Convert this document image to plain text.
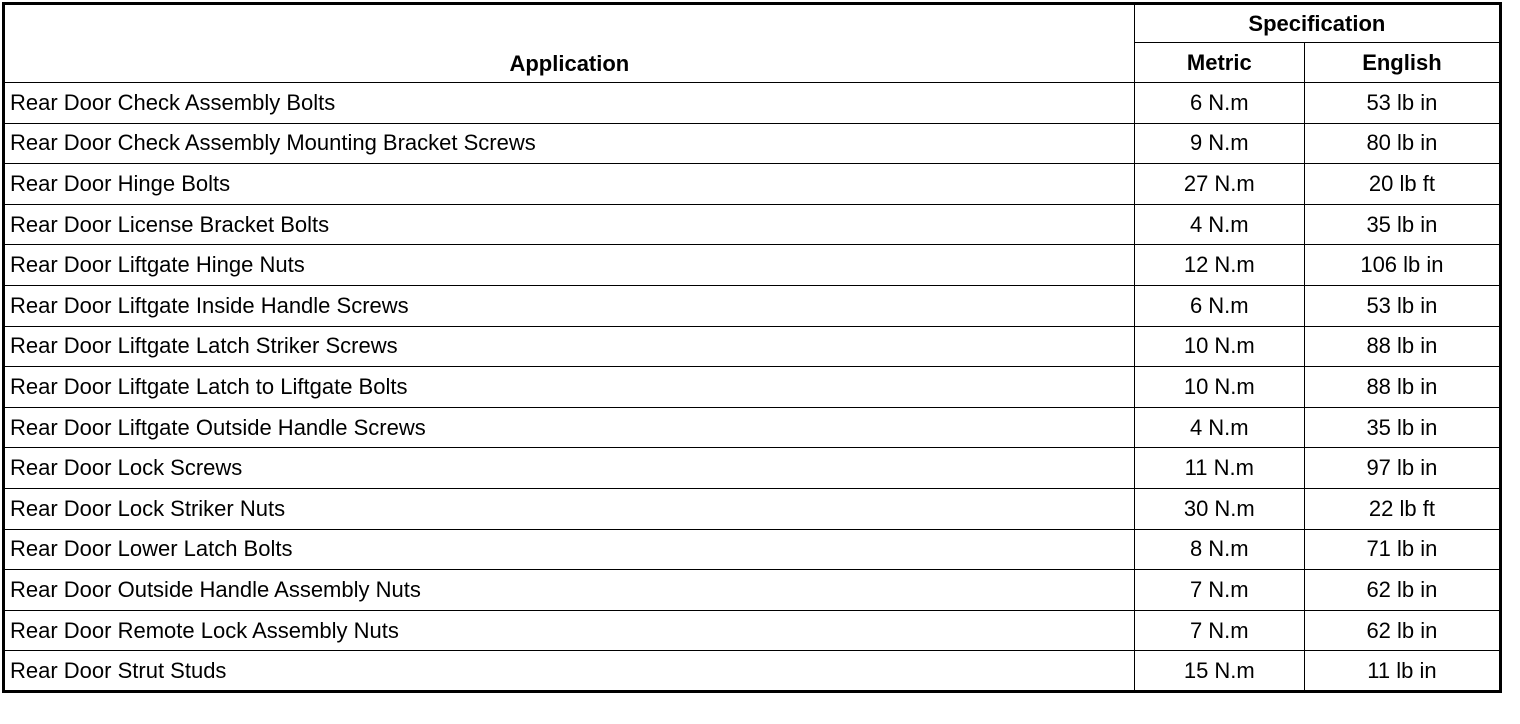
Application	Specification	
	Metric	English
Rear Door Check Assembly Bolts	6 N.m	53 lb in
Rear Door Check Assembly Mounting Bracket Screws	9 N.m	80 lb in
Rear Door Hinge Bolts	27 N.m	20 lb ft
Rear Door License Bracket Bolts	4 N.m	35 lb in
Rear Door Liftgate Hinge Nuts	12 N.m	106 lb in
Rear Door Liftgate Inside Handle Screws	6 N.m	53 lb in
Rear Door Liftgate Latch Striker Screws	10 N.m	88 lb in
Rear Door Liftgate Latch to Liftgate Bolts	10 N.m	88 lb in
Rear Door Liftgate Outside Handle Screws	4 N.m	35 lb in
Rear Door Lock Screws	11 N.m	97 lb in
Rear Door Lock Striker Nuts	30 N.m	22 lb ft
Rear Door Lower Latch Bolts	8 N.m	71 lb in
Rear Door Outside Handle Assembly Nuts	7 N.m	62 lb in
Rear Door Remote Lock Assembly Nuts	7 N.m	62 lb in
Rear Door Strut Studs	15 N.m	11 lb in
